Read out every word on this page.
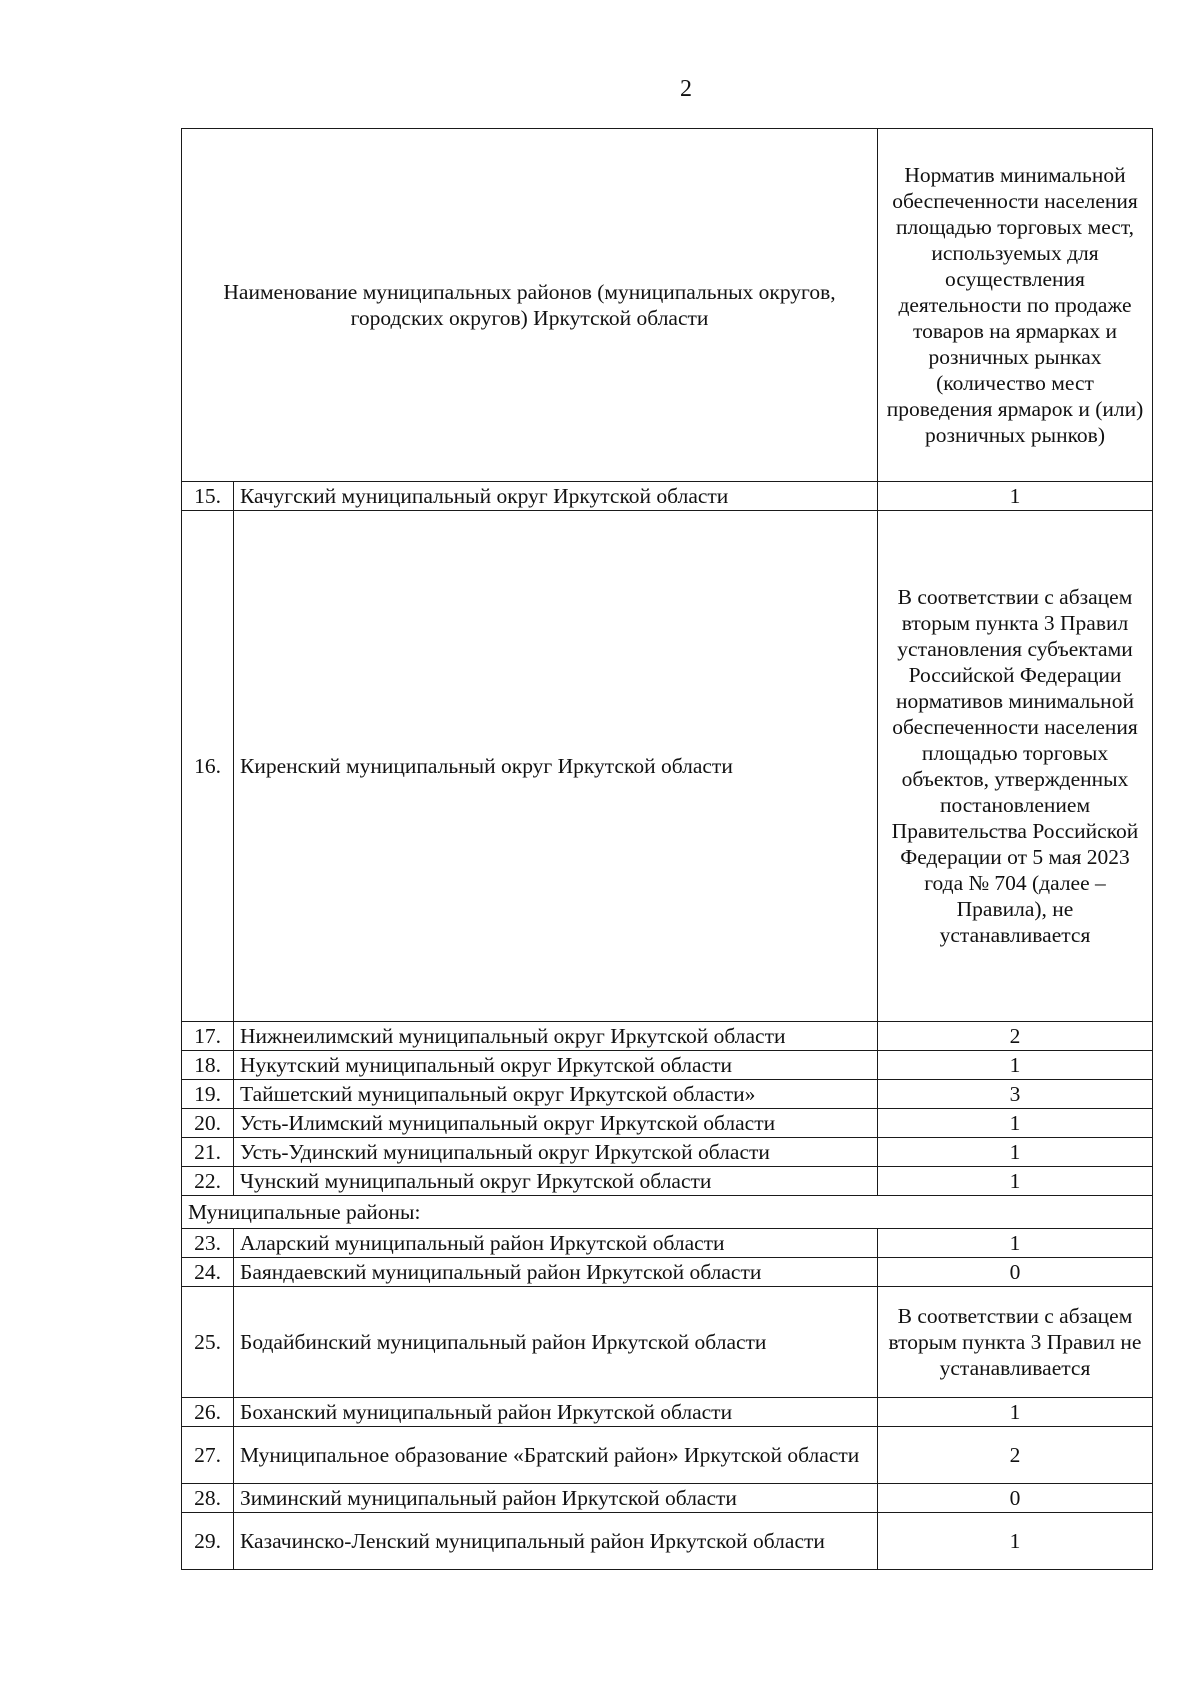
2
Наименование муниципальных районов (муниципальных округов, городских округов) Иркутской области		Норматив минимальной обеспеченности населения площадью торговых мест, используемых для осуществления деятельности по продаже товаров на ярмарках и розничных рынках (количество мест проведения ярмарок и (или) розничных рынков)
15.	Качугский муниципальный округ Иркутской области	1
16.	Киренский муниципальный округ Иркутской области	В соответствии с абзацем вторым пункта 3 Правил установления субъектами Российской Федерации нормативов минимальной обеспеченности населения площадью торговых объектов, утвержденных постановлением Правительства Российской Федерации от 5 мая 2023 года № 704 (далее – Правила), не устанавливается
17.	Нижнеилимский муниципальный округ Иркутской области	2
18.	Нукутский муниципальный округ Иркутской области	1
19.	Тайшетский муниципальный округ Иркутской области»	3
20.	Усть-Илимский муниципальный округ Иркутской области	1
21.	Усть-Удинский муниципальный округ Иркутской области	1
22.	Чунский муниципальный округ Иркутской области	1
Муниципальные районы:		
23.	Аларский муниципальный район Иркутской области	1
24.	Баяндаевский муниципальный район Иркутской области	0
25.	Бодайбинский муниципальный район Иркутской области	В соответствии с абзацем вторым пункта 3 Правил не устанавливается
26.	Боханский муниципальный район Иркутской области	1
27.	Муниципальное образование «Братский район» Иркутской области	2
28.	Зиминский муниципальный район Иркутской области	0
29.	Казачинско-Ленский муниципальный район Иркутской области	1
